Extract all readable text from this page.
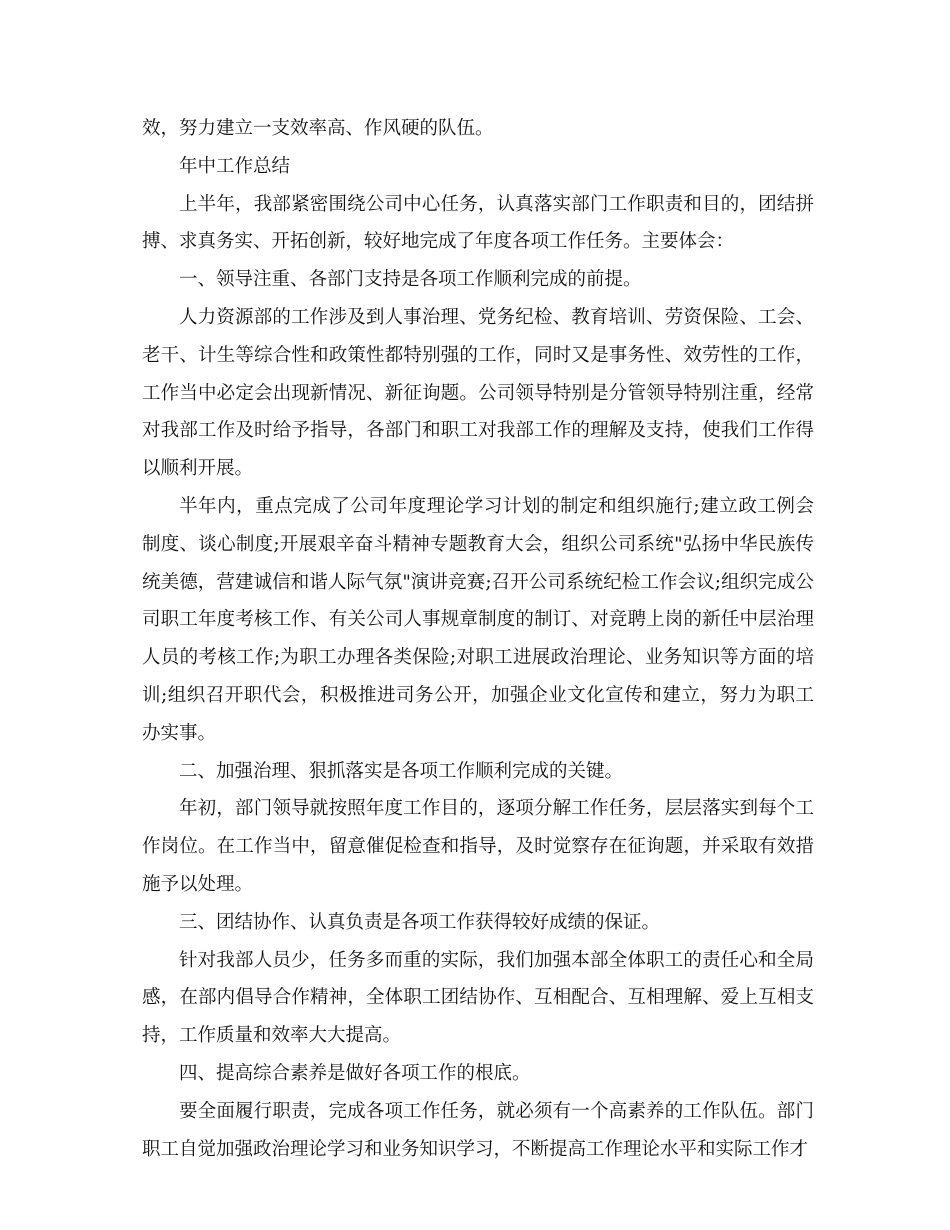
效，努力建立一支效率高、作风硬的队伍。

年中工作总结

上半年，我部紧密围绕公司中心任务，认真落实部门工作职责和目的，团结拼搏、求真务实、开拓创新，较好地完成了年度各项工作任务。主要体会：

一、领导注重、各部门支持是各项工作顺利完成的前提。

人力资源部的工作涉及到人事治理、党务纪检、教育培训、劳资保险、工会、老干、计生等综合性和政策性都特别强的工作，同时又是事务性、效劳性的工作，工作当中必定会出现新情况、新征询题。公司领导特别是分管领导特别注重，经常对我部工作及时给予指导，各部门和职工对我部工作的理解及支持，使我们工作得以顺利开展。

半年内，重点完成了公司年度理论学习计划的制定和组织施行;建立政工例会制度、谈心制度;开展艰辛奋斗精神专题教育大会，组织公司系统"弘扬中华民族传统美德，营建诚信和谐人际气氛"演讲竞赛;召开公司系统纪检工作会议;组织完成公司职工年度考核工作、有关公司人事规章制度的制订、对竞聘上岗的新任中层治理人员的考核工作;为职工办理各类保险;对职工进展政治理论、业务知识等方面的培训;组织召开职代会，积极推进司务公开，加强企业文化宣传和建立，努力为职工办实事。

二、加强治理、狠抓落实是各项工作顺利完成的关键。

年初，部门领导就按照年度工作目的，逐项分解工作任务，层层落实到每个工作岗位。在工作当中，留意催促检查和指导，及时觉察存在征询题，并采取有效措施予以处理。

三、团结协作、认真负责是各项工作获得较好成绩的保证。

针对我部人员少，任务多而重的实际，我们加强本部全体职工的责任心和全局感，在部内倡导合作精神，全体职工团结协作、互相配合、互相理解、爱上互相支持，工作质量和效率大大提高。

四、提高综合素养是做好各项工作的根底。

要全面履行职责，完成各项工作任务，就必须有一个高素养的工作队伍。部门职工自觉加强政治理论学习和业务知识学习，不断提高工作理论水平和实际工作才
